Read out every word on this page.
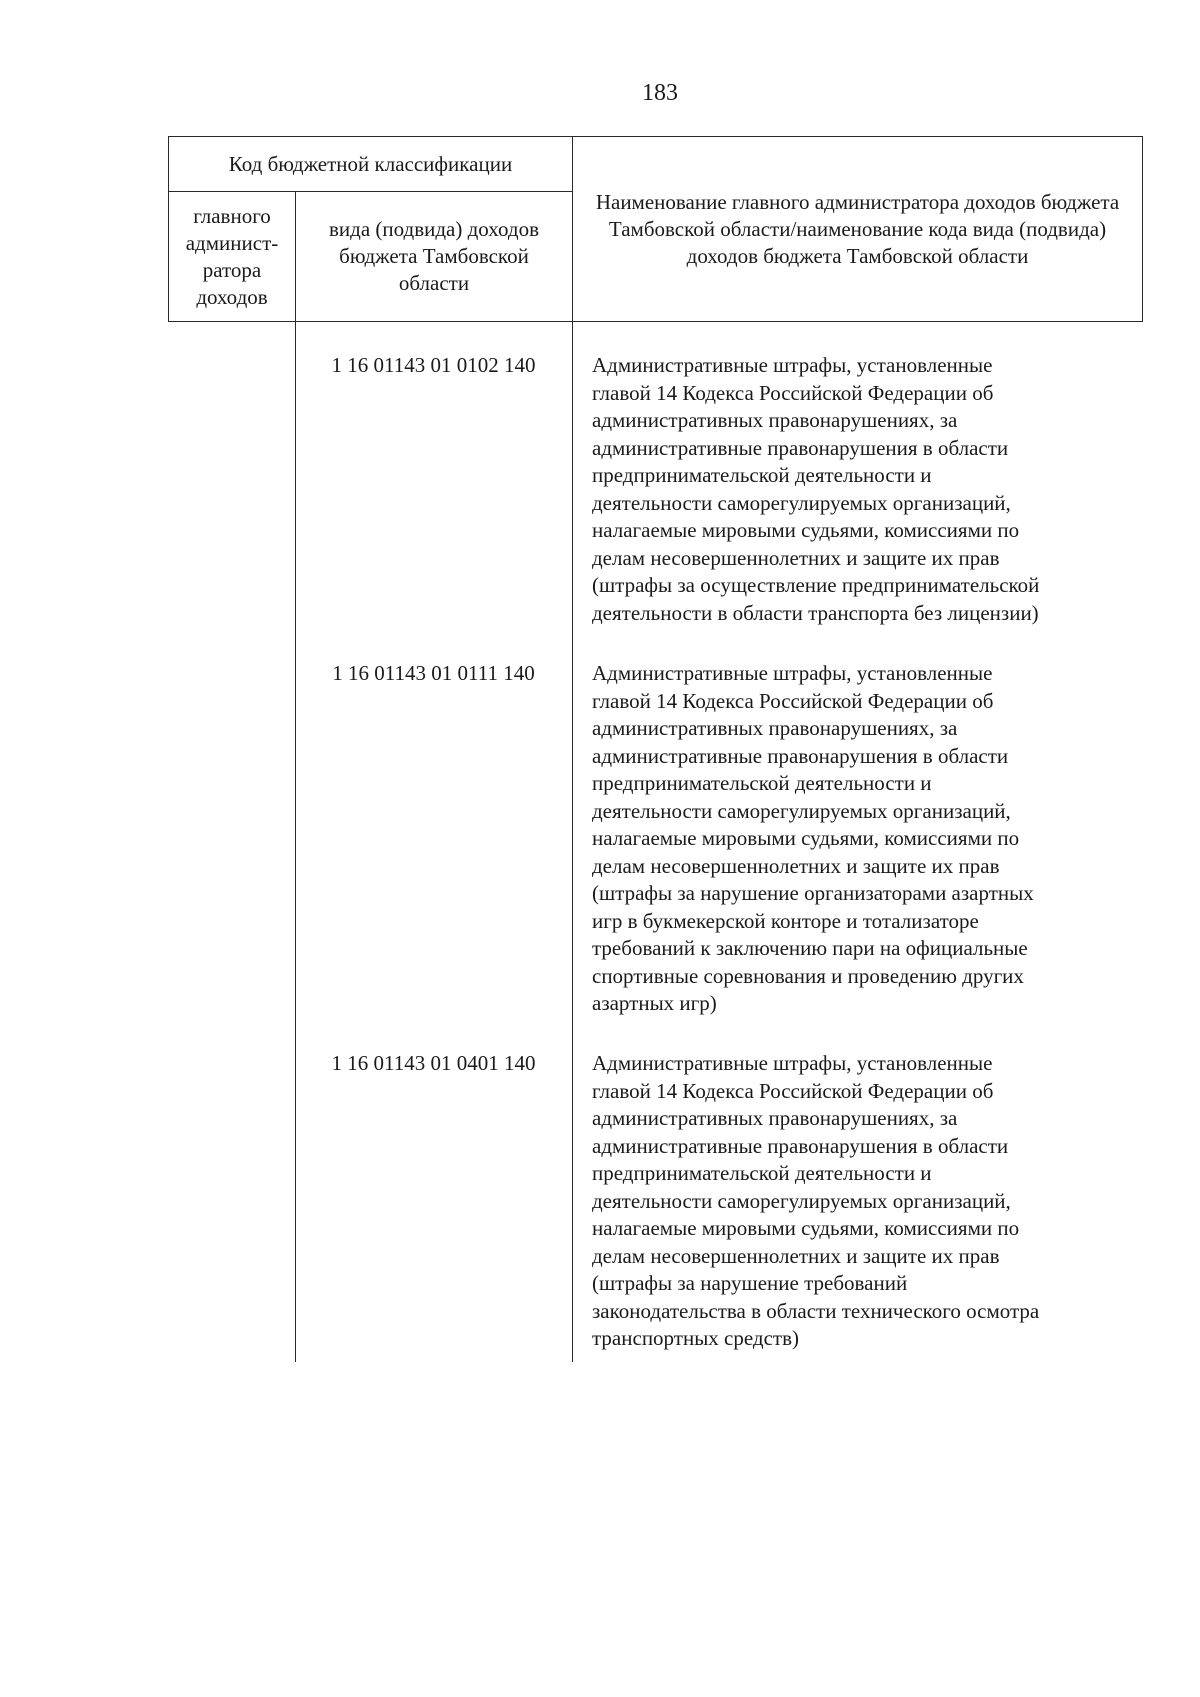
183
Код бюджетной классификации
главного
админист-
ратора
доходов
вида (подвида) доходов бюджета Тамбовской области
Наименование главного администратора доходов бюджета Тамбовской области/наименование кода вида (подвида) доходов бюджета Тамбовской области
1 16 01143 01 0102 140	Административные штрафы, установленные
главой 14 Кодекса Российской Федерации об
административных правонарушениях, за
административные правонарушения в области
предпринимательской деятельности и
деятельности саморегулируемых организаций,
налагаемые мировыми судьями, комиссиями по
делам несовершеннолетних и защите их прав
(штрафы за осуществление предпринимательской
деятельности в области транспорта без лицензии)
1 16 01143 01 0111 140	Административные штрафы, установленные
главой 14 Кодекса Российской Федерации об
административных правонарушениях, за
административные правонарушения в области
предпринимательской деятельности и
деятельности саморегулируемых организаций,
налагаемые мировыми судьями, комиссиями по
делам несовершеннолетних и защите их прав
(штрафы за нарушение организаторами азартных
игр в букмекерской конторе и тотализаторе
требований к заключению пари на официальные
спортивные соревнования и проведению других
азартных игр)
1 16 01143 01 0401 140	Административные штрафы, установленные
главой 14 Кодекса Российской Федерации об
административных правонарушениях, за
административные правонарушения в области
предпринимательской деятельности и
деятельности саморегулируемых организаций,
налагаемые мировыми судьями, комиссиями по
делам несовершеннолетних и защите их прав
(штрафы за нарушение требований
законодательства в области технического осмотра
транспортных средств)
